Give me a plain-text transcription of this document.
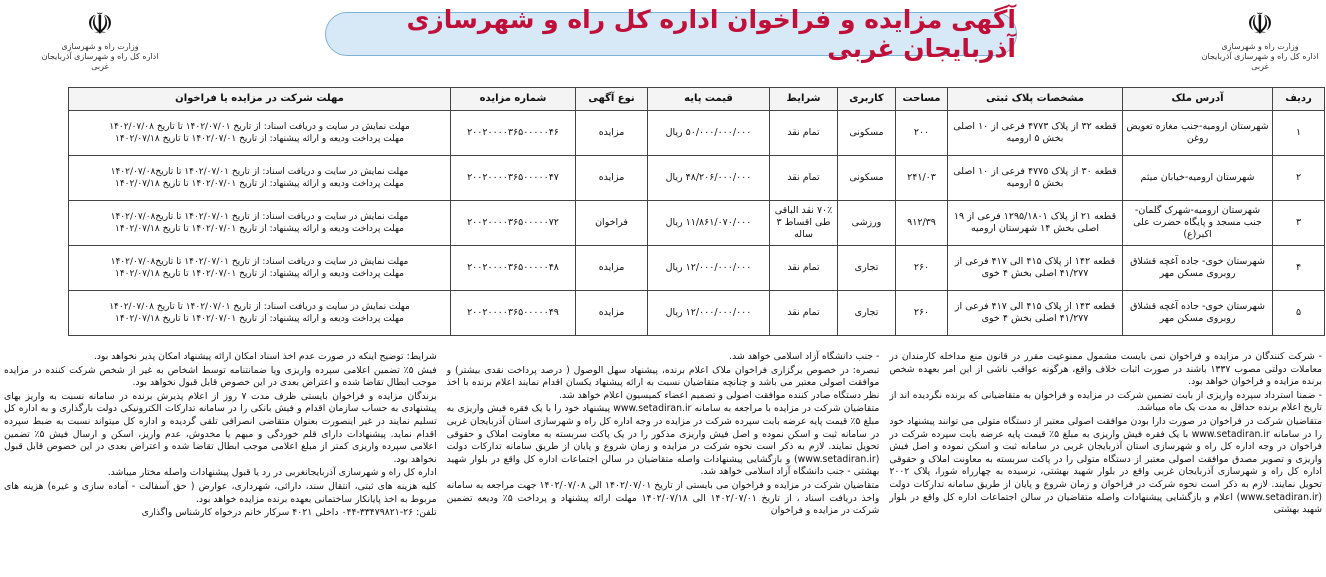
☫
وزارت راه و شهرسازی
اداره کل راه و شهرسازی آذربایجان غربی
آگهی مزایده و فراخوان اداره کل راه و شهرسازی آذربایجان غربی
☫
وزارت راه و شهرسازی
اداره کل راه و شهرسازی آذربایجان غربی
ردیف	آدرس ملک	مشخصات پلاک ثبتی	مساحت	کاربری	شرایط	قیمت پایه	نوع آگهی	شماره مزایده	مهلت شرکت در مزایده یا فراخوان
۱	شهرستان ارومیه-جنب مغازه تعویض روغن	قطعه ۳۲ از پلاک ۴۷۷۳ فرعی از ۱۰ اصلی بخش ۵ ارومیه	۲۰۰	مسکونی	تمام نقد	۵۰/۰۰۰/۰۰۰/۰۰۰ ریال	مزایده	۲۰۰۲۰۰۰۰۳۶۵۰۰۰۰۰۴۶	مهلت نمایش در سایت و دریافت اسناد: از تاریخ ۱۴۰۲/۰۷/۰۱ تا تاریخ ۱۴۰۲/۰۷/۰۸
مهلت پرداخت ودیعه و ارائه پیشنهاد: از تاریخ ۱۴۰۲/۰۷/۰۱ تا تاریخ ۱۴۰۲/۰۷/۱۸

۲	شهرستان ارومیه-خیابان میثم	قطعه ۳۰ از پلاک ۴۷۷۵ فرعی از ۱۰ اصلی بخش ۵ ارومیه	۲۴۱/۰۳	مسکونی	تمام نقد	۴۸/۲۰۶/۰۰۰/۰۰۰ ریال	مزایده	۲۰۰۲۰۰۰۰۳۶۵۰۰۰۰۰۴۷	مهلت نمایش در سایت و دریافت اسناد: از تاریخ ۱۴۰۲/۰۷/۰۱ تا تاریخ۱۴۰۲/۰۷/۰۸
مهلت پرداخت ودیعه و ارائه پیشنهاد: از تاریخ ۱۴۰۲/۰۷/۰۱ تا تاریخ ۱۴۰۲/۰۷/۱۸

۳	شهرستان ارومیه-شهرک گلمان-جنب مسجد و پایگاه حضرت علی اکبر(ع)	قطعه ۲۱ از پلاک ۱۲۹۵/۱۸۰۱ فرعی از ۱۹ اصلی بخش ۱۴ شهرستان ارومیه	۹۱۲/۳۹	ورزشی	۷۰٪ نقد الباقی طی اقساط ۳ ساله	۱۱/۸۶۱/۰۷۰/۰۰۰ ریال	فراخوان	۲۰۰۲۰۰۰۰۳۶۵۰۰۰۰۰۷۲	مهلت نمایش در سایت و دریافت اسناد: از تاریخ ۱۴۰۲/۰۷/۰۱ تا تاریخ۱۴۰۲/۰۷/۰۸
مهلت پرداخت ودیعه و ارائه پیشنهاد: از تاریخ ۱۴۰۲/۰۷/۰۱ تا تاریخ ۱۴۰۲/۰۷/۱۸

۴	شهرستان خوی- جاده آغچه قشلاق روبروی مسکن مهر	قطعه ۱۴۲ از پلاک ۴۱۵ الی ۴۱۷ فرعی از ۴۱/۲۷۷ اصلی بخش ۴ خوی	۲۶۰	تجاری	تمام نقد	۱۲/۰۰۰/۰۰۰/۰۰۰ ریال	مزایده	۲۰۰۲۰۰۰۰۳۶۵۰۰۰۰۰۴۸	مهلت نمایش در سایت و دریافت اسناد: از تاریخ ۱۴۰۲/۰۷/۰۱ تا تاریخ۱۴۰۲/۰۷/۰۸
مهلت پرداخت ودیعه و ارائه پیشنهاد: از تاریخ ۱۴۰۲/۰۷/۰۱ تا تاریخ ۱۴۰۲/۰۷/۱۸

۵	شهرستان خوی- جاده آغچه قشلاق روبروی مسکن مهر	قطعه ۱۴۳ از پلاک ۴۱۵ الی ۴۱۷ فرعی از ۴۱/۲۷۷ اصلی بخش ۴ خوی	۲۶۰	تجاری	تمام نقد	۱۲/۰۰۰/۰۰۰/۰۰۰ ریال	مزایده	۲۰۰۲۰۰۰۰۳۶۵۰۰۰۰۰۴۹	مهلت نمایش در سایت و دریافت اسناد: از تاریخ ۱۴۰۲/۰۷/۰۱ تا تاریخ ۱۴۰۲/۰۷/۰۸
مهلت پرداخت ودیعه و ارائه پیشنهاد: از تاریخ ۱۴۰۲/۰۷/۰۱ تا تاریخ ۱۴۰۲/۰۷/۱۸

- شرکت کنندگان در مزایده و فراخوان نمی بایست مشمول ممنوعیت مقرر در قانون منع مداخله کارمندان در معاملات دولتی مصوب ۱۳۳۷ باشند در صورت اثبات خلاف واقع، هرگونه عواقب ناشی از این امر بعهده شخص برنده مزایده و فراخوان خواهد بود.

- ضمنا استرداد سپرده واریزی از بابت تضمین شرکت در مزایده و فراخوان به متقاضیانی که برنده نگردیده اند از تاریخ اعلام برنده حداقل به مدت یک ماه میباشد.

متقاضیان شرکت در فراخوان در صورت دارا بودن موافقت اصولی معتبر از دستگاه متولی می توانند پیشنهاد خود را در سامانه www.setadiran.ir با یک فقره فیش واریزی به مبلغ ۵٪ قیمت پایه عرضه بابت سپرده شرکت در فراخوان در وجه اداره کل راه و شهرسازی استان آذربایجان غربی در سامانه ثبت و اسکن نموده و اصل فیش واریزی و تصویر مصدق موافقت اصولی معتبر از دستگاه متولی را در پاکت سربسته به معاونت املاک و حقوقی اداره کل راه و شهرسازی آذربایجان غربی واقع در بلوار شهید بهشتی، نرسیده به چهارراه شورا، پلاک ۲۰۰۲ تحویل نمایند. لازم به ذکر است نحوه شرکت در فراخوان و زمان شروع و پایان از طریق سامانه تدارکات دولت (www.setadiran.ir) اعلام و بازگشایی پیشنهادات واصله متقاضیان در سالن اجتماعات اداره کل واقع در بلوار شهید بهشتی

- جنب دانشگاه آزاد اسلامی خواهد شد.

تبصره: در خصوص برگزاری فراخوان ملاک اعلام برنده، پیشنهاد سهل الوصول ( درصد پرداخت نقدی بیشتر) و موافقت اصولی معتبر می باشد و چنانچه متقاضیان نسبت به ارائه پیشنهاد یکسان اقدام نمایند اعلام برنده با اخذ نظر دستگاه صادر کننده موافقت اصولی و تصمیم اعضاء کمیسیون اعلام خواهد شد.

متقاضیان شرکت در مزایده با مراجعه به سامانه www.setadiran.ir پیشنهاد خود را با یک فقره فیش واریزی به مبلغ ۵٪ قیمت پایه عرضه بابت سپرده شرکت در مزایده در وجه اداره کل راه و شهرسازی استان آذربایجان غربی در سامانه ثبت و اسکن نموده و اصل فیش واریزی مذکور را در یک پاکت سربسته به معاونت املاک و حقوقی تحویل نمایند. لازم به ذکر است نحوه شرکت در مزایده و زمان شروع و پایان از طریق سامانه تدارکات دولت (www.setadiran.ir) و بازگشایی پیشنهادات واصله متقاضیان در سالن اجتماعات اداره کل واقع در بلوار شهید بهشتی - جنب دانشگاه آزاد اسلامی خواهد شد.

متقاضیان شرکت در مزایده و فراخوان می بایستی از تاریخ ۱۴۰۲/۰۷/۰۱ الی ۱۴۰۲/۰۷/۰۸ جهت مراجعه به سامانه واخذ دریافت اسناد ، از تاریخ ۱۴۰۲/۰۷/۰۱ الی ۱۴۰۲/۰۷/۱۸ مهلت ارائه پیشنهاد و پرداخت ۵٪ ودیعه تضمین شرکت در مزایده و فراخوان

شرایط: توضیح اینکه در صورت عدم اخذ اسناد امکان ارائه پیشنهاد امکان پذیر نخواهد بود.

فیش ۵٪ تضمین اعلامی سپرده واریزی ویا ضمانتنامه توسط اشخاص به غیر از شخص شرکت کننده در مزایده موجب ابطال تقاضا شده و اعتراض بعدی در این خصوص قابل قبول نخواهد بود.

برندگان مزایده و فراخوان بایستی ظرف مدت ۷ روز از اعلام پذیرش برنده در سامانه نسبت به واریز بهای پیشنهادی به حساب سازمان اقدام و فیش بانکی را در سامانه تدارکات الکترونیکی دولت بارگذاری و به اداره کل تسلیم نمایند در غیر اینصورت بعنوان متقاضی انصرافی تلقی گردیده و اداره کل میتواند نسبت به ضبط سپرده اقدام نماید. پیشنهادات دارای قلم خوردگی و مبهم یا مخدوش، عدم واریز، اسکن و ارسال فیش ۵٪ تضمین اعلامی سپرده واریزی کمتر از مبلغ اعلامی موجب ابطال تقاضا شده و اعتراض بعدی در این خصوص قابل قبول نخواهد بود.

اداره کل راه و شهرسازی آذربایجانغربی در رد یا قبول پیشنهادات واصله مختار میباشد.

کلیه هزینه های ثبتی، انتقال سند، دارائی، شهرداری، عوارض ( حق آسفالت - آماده سازی و غیره) هزینه های مربوط به اخذ پایانکار ساختمانی بعهده برنده مزایده خواهد بود.

تلفن: ۲۶-۳۳۴۷۹۸۲۱-۰۴۴ داخلی ۴۰۲۱ سرکار خانم درخواه کارشناس واگذاری
